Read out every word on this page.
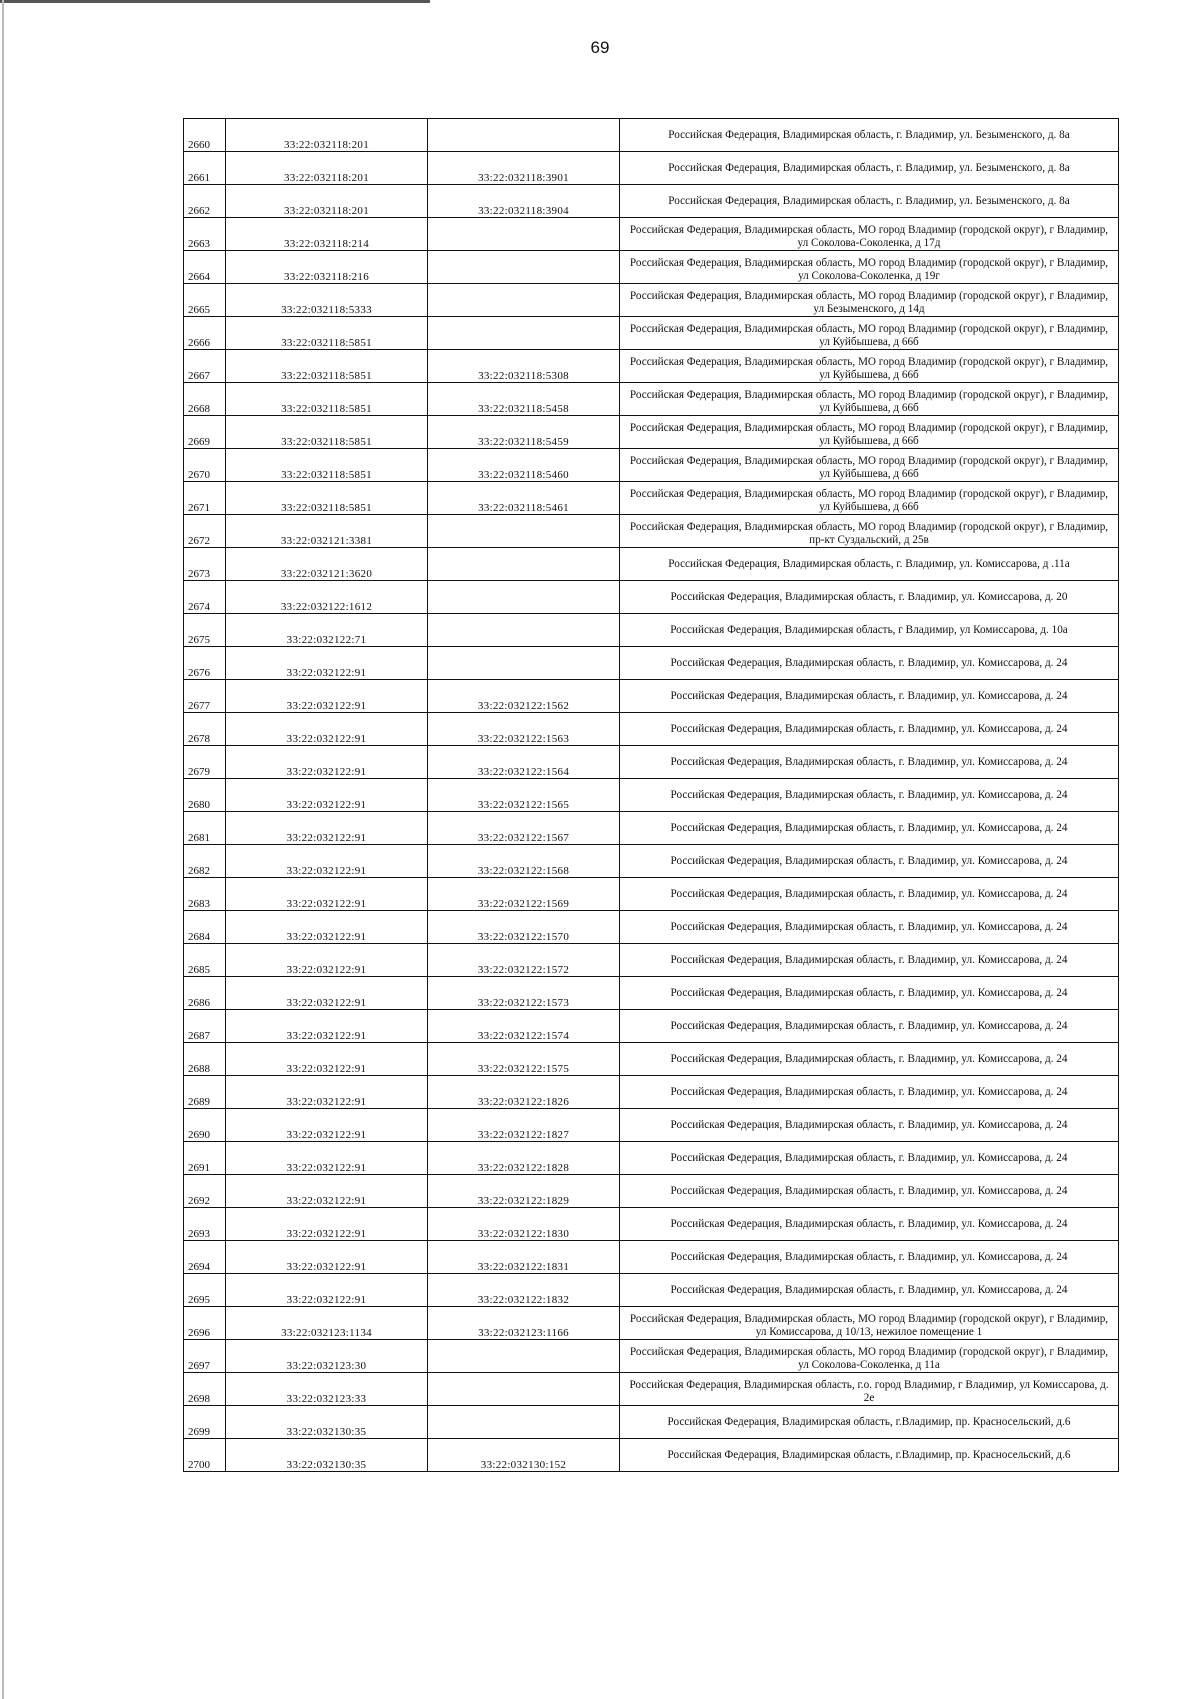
69
2660	33:22:032118:201		Российская Федерация, Владимирская область, г. Владимир, ул. Безыменского, д. 8а
2661	33:22:032118:201	33:22:032118:3901	Российская Федерация, Владимирская область, г. Владимир, ул. Безыменского, д. 8а
2662	33:22:032118:201	33:22:032118:3904	Российская Федерация, Владимирская область, г. Владимир, ул. Безыменского, д. 8а
2663	33:22:032118:214		Российская Федерация, Владимирская область, МО город Владимир (городской округ), г Владимир, ул Соколова-Соколенка, д 17д
2664	33:22:032118:216		Российская Федерация, Владимирская область, МО город Владимир (городской округ), г Владимир, ул Соколова-Соколенка, д 19г
2665	33:22:032118:5333		Российская Федерация, Владимирская область, МО город Владимир (городской округ), г Владимир, ул Безыменского, д 14д
2666	33:22:032118:5851		Российская Федерация, Владимирская область, МО город Владимир (городской округ), г Владимир, ул Куйбышева, д 66б
2667	33:22:032118:5851	33:22:032118:5308	Российская Федерация, Владимирская область, МО город Владимир (городской округ), г Владимир, ул Куйбышева, д 66б
2668	33:22:032118:5851	33:22:032118:5458	Российская Федерация, Владимирская область, МО город Владимир (городской округ), г Владимир, ул Куйбышева, д 66б
2669	33:22:032118:5851	33:22:032118:5459	Российская Федерация, Владимирская область, МО город Владимир (городской округ), г Владимир, ул Куйбышева, д 66б
2670	33:22:032118:5851	33:22:032118:5460	Российская Федерация, Владимирская область, МО город Владимир (городской округ), г Владимир, ул Куйбышева, д 66б
2671	33:22:032118:5851	33:22:032118:5461	Российская Федерация, Владимирская область, МО город Владимир (городской округ), г Владимир, ул Куйбышева, д 66б
2672	33:22:032121:3381		Российская Федерация, Владимирская область, МО город Владимир (городской округ), г Владимир, пр-кт Суздальский, д 25в
2673	33:22:032121:3620		Российская Федерация, Владимирская область, г. Владимир, ул. Комиссарова, д .11а
2674	33:22:032122:1612		Российская Федерация, Владимирская область, г. Владимир, ул. Комиссарова, д. 20
2675	33:22:032122:71		Российская Федерация, Владимирская область, г Владимир, ул Комиссарова, д. 10а
2676	33:22:032122:91		Российская Федерация, Владимирская область, г. Владимир, ул. Комиссарова, д. 24
2677	33:22:032122:91	33:22:032122:1562	Российская Федерация, Владимирская область, г. Владимир, ул. Комиссарова, д. 24
2678	33:22:032122:91	33:22:032122:1563	Российская Федерация, Владимирская область, г. Владимир, ул. Комиссарова, д. 24
2679	33:22:032122:91	33:22:032122:1564	Российская Федерация, Владимирская область, г. Владимир, ул. Комиссарова, д. 24
2680	33:22:032122:91	33:22:032122:1565	Российская Федерация, Владимирская область, г. Владимир, ул. Комиссарова, д. 24
2681	33:22:032122:91	33:22:032122:1567	Российская Федерация, Владимирская область, г. Владимир, ул. Комиссарова, д. 24
2682	33:22:032122:91	33:22:032122:1568	Российская Федерация, Владимирская область, г. Владимир, ул. Комиссарова, д. 24
2683	33:22:032122:91	33:22:032122:1569	Российская Федерация, Владимирская область, г. Владимир, ул. Комиссарова, д. 24
2684	33:22:032122:91	33:22:032122:1570	Российская Федерация, Владимирская область, г. Владимир, ул. Комиссарова, д. 24
2685	33:22:032122:91	33:22:032122:1572	Российская Федерация, Владимирская область, г. Владимир, ул. Комиссарова, д. 24
2686	33:22:032122:91	33:22:032122:1573	Российская Федерация, Владимирская область, г. Владимир, ул. Комиссарова, д. 24
2687	33:22:032122:91	33:22:032122:1574	Российская Федерация, Владимирская область, г. Владимир, ул. Комиссарова, д. 24
2688	33:22:032122:91	33:22:032122:1575	Российская Федерация, Владимирская область, г. Владимир, ул. Комиссарова, д. 24
2689	33:22:032122:91	33:22:032122:1826	Российская Федерация, Владимирская область, г. Владимир, ул. Комиссарова, д. 24
2690	33:22:032122:91	33:22:032122:1827	Российская Федерация, Владимирская область, г. Владимир, ул. Комиссарова, д. 24
2691	33:22:032122:91	33:22:032122:1828	Российская Федерация, Владимирская область, г. Владимир, ул. Комиссарова, д. 24
2692	33:22:032122:91	33:22:032122:1829	Российская Федерация, Владимирская область, г. Владимир, ул. Комиссарова, д. 24
2693	33:22:032122:91	33:22:032122:1830	Российская Федерация, Владимирская область, г. Владимир, ул. Комиссарова, д. 24
2694	33:22:032122:91	33:22:032122:1831	Российская Федерация, Владимирская область, г. Владимир, ул. Комиссарова, д. 24
2695	33:22:032122:91	33:22:032122:1832	Российская Федерация, Владимирская область, г. Владимир, ул. Комиссарова, д. 24
2696	33:22:032123:1134	33:22:032123:1166	Российская Федерация, Владимирская область, МО город Владимир (городской округ), г Владимир, ул Комиссарова, д 10/13, нежилое помещение 1
2697	33:22:032123:30		Российская Федерация, Владимирская область, МО город Владимир (городской округ), г Владимир, ул Соколова-Соколенка, д 11а
2698	33:22:032123:33		Российская Федерация, Владимирская область, г.о. город Владимир, г Владимир, ул Комиссарова, д. 2е
2699	33:22:032130:35		Российская Федерация, Владимирская область, г.Владимир, пр. Красносельский, д.6
2700	33:22:032130:35	33:22:032130:152	Российская Федерация, Владимирская область, г.Владимир, пр. Красносельский, д.6
